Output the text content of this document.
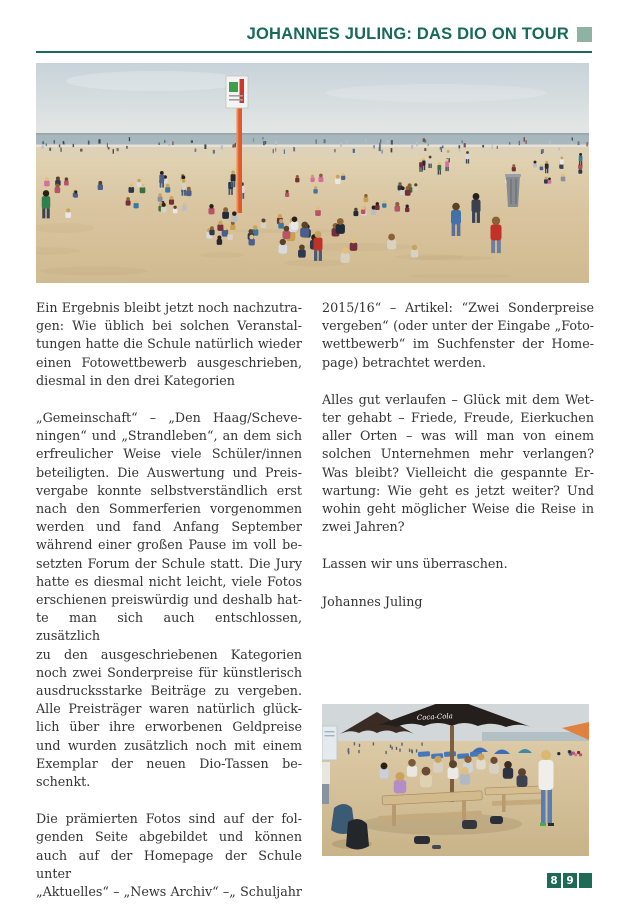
JOHANNES JULING: DAS DIO ON TOUR
Ein Ergebnis bleibt jetzt noch nachzutra-
gen: Wie üblich bei solchen Veranstal-
tungen hatte die Schule natürlich wieder
einen Fotowettbewerb ausgeschrieben,
diesmal in den drei Kategorien
„Gemeinschaft“ – „Den Haag/Scheve-
ningen“ und „Strandleben“, an dem sich
erfreulicher Weise viele Schüler/innen
beteiligten. Die Auswertung und Preis-
vergabe konnte selbstverständlich erst
nach den Sommerferien vorgenommen
werden und fand Anfang September
während einer großen Pause im voll be-
setzten Forum der Schule statt. Die Jury
hatte es diesmal nicht leicht, viele Fotos
erschienen preiswürdig und deshalb hat-
te man sich auch entschlossen, zusätzlich
zu den ausgeschriebenen Kategorien
noch zwei Sonderpreise für künstlerisch
ausdrucksstarke Beiträge zu vergeben.
Alle Preisträger waren natürlich glück-
lich über ihre erworbenen Geldpreise
und wurden zusätzlich noch mit einem
Exemplar der neuen Dio-Tassen be-
schenkt.
Die prämierten Fotos sind auf der fol-
genden Seite abgebildet und können
auch auf der Homepage der Schule unter
„Aktuelles“ – „News Archiv“ –„ Schuljahr
2015/16“ – Artikel: “Zwei Sonderpreise
vergeben“ (oder unter der Eingabe „Foto-
wettbewerb“ im Suchfenster der Home-
page) betrachtet werden.
Alles gut verlaufen – Glück mit dem Wet-
ter gehabt – Friede, Freude, Eierkuchen
aller Orten – was will man von einem
solchen Unternehmen mehr verlangen?
Was bleibt? Vielleicht die gespannte Er-
wartung: Wie geht es jetzt weiter? Und
wohin geht möglicher Weise die Reise in
zwei Jahren?
Lassen wir uns überraschen.
Johannes Juling
Coca-Cola
8 9
